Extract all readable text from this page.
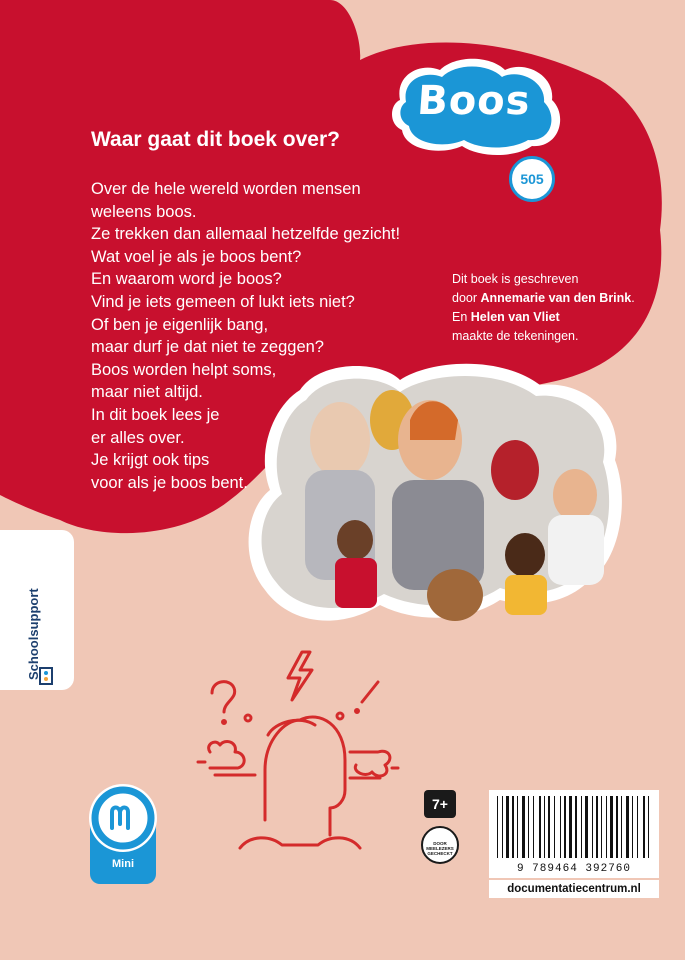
Boos
505
Waar gaat dit boek over?
Over de hele wereld worden mensen
weleens boos.
Ze trekken dan allemaal hetzelfde gezicht!
Wat voel je als je boos bent?
En waarom word je boos?
Vind je iets gemeen of lukt iets niet?
Of ben je eigenlijk bang,
maar durf je dat niet te zeggen?
Boos worden helpt soms,
maar niet altijd.
In dit boek lees je
er alles over.
Je krijgt ook tips
voor als je boos bent.
Dit boek is geschreven
door Annemarie van den Brink.
En Helen van Vliet
maakte de tekeningen.
Schoolsupport
Mini
7+
DOOR MEELEZERS GECHECKT
9 789464 392760
documentatiecentrum.nl
